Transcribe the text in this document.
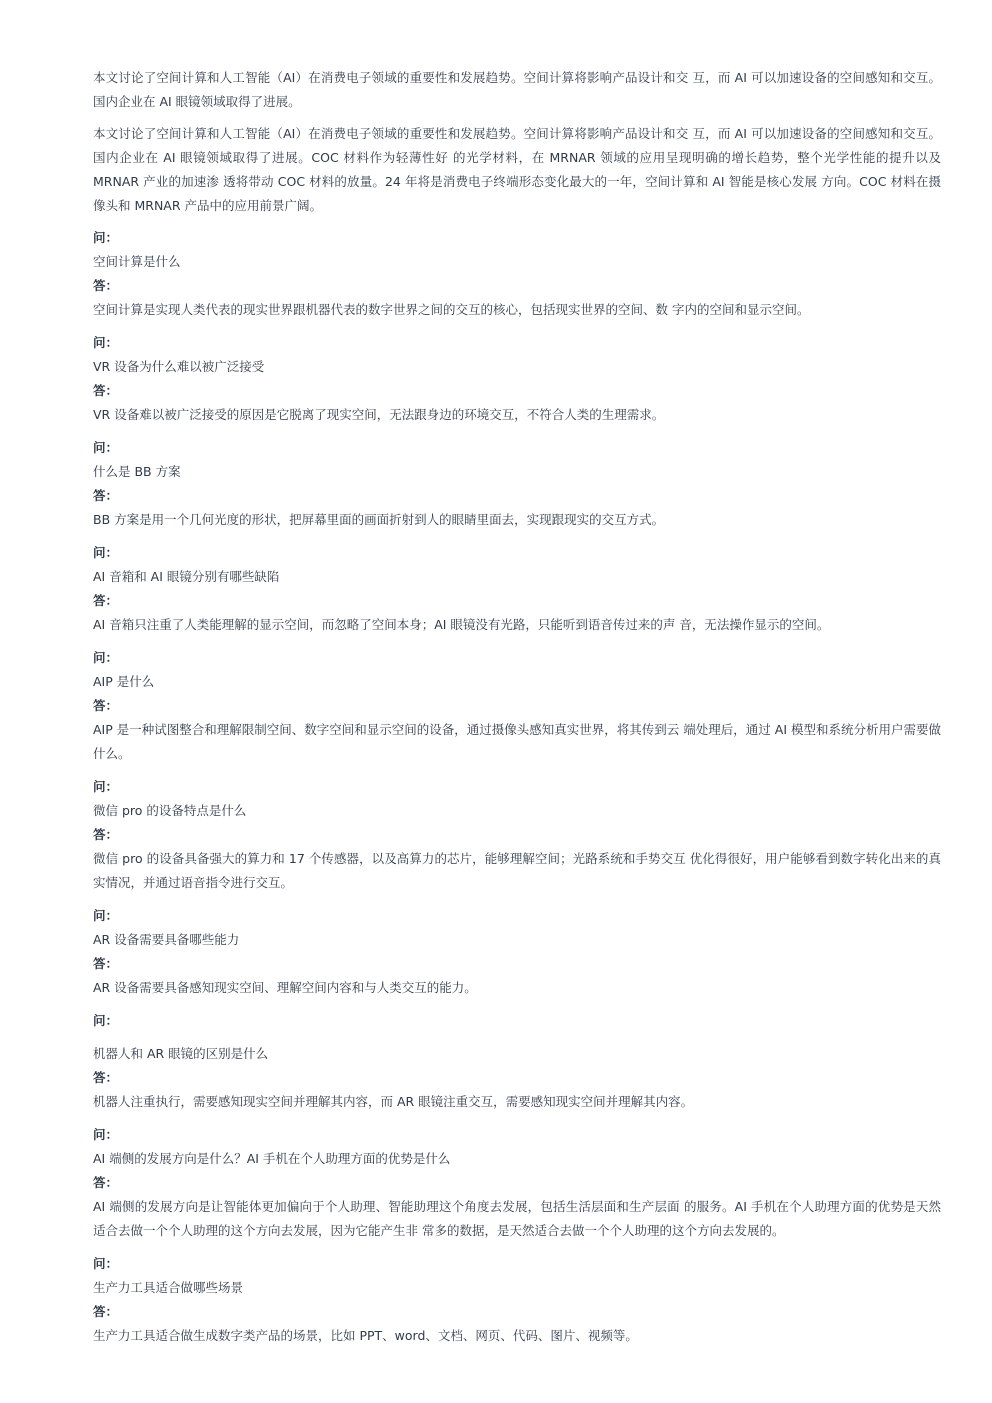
本文讨论了空间计算和人工智能（AI）在消费电子领域的重要性和发展趋势。空间计算将影响产品设计和交 互，而 AI 可以加速设备的空间感知和交互。国内企业在 AI 眼镜领域取得了进展。

本文讨论了空间计算和人工智能（AI）在消费电子领域的重要性和发展趋势。空间计算将影响产品设计和交 互，而 AI 可以加速设备的空间感知和交互。国内企业在 AI 眼镜领域取得了进展。COC 材料作为轻薄性好 的光学材料，在 MRNAR 领域的应用呈现明确的增长趋势，整个光学性能的提升以及 MRNAR 产业的加速渗 透将带动 COC 材料的放量。24 年将是消费电子终端形态变化最大的一年，空间计算和 AI 智能是核心发展 方向。COC 材料在摄像头和 MRNAR 产品中的应用前景广阔。

问：
空间计算是什么
答：
空间计算是实现人类代表的现实世界跟机器代表的数字世界之间的交互的核心，包括现实世界的空间、数 字内的空间和显示空间。
问：
VR 设备为什么难以被广泛接受
答：
VR 设备难以被广泛接受的原因是它脱离了现实空间，无法跟身边的环境交互，不符合人类的生理需求。
问：
什么是 BB 方案
答：
BB 方案是用一个几何光度的形状，把屏幕里面的画面折射到人的眼睛里面去，实现跟现实的交互方式。
问：
AI 音箱和 AI 眼镜分别有哪些缺陷
答：
AI 音箱只注重了人类能理解的显示空间，而忽略了空间本身；AI 眼镜没有光路，只能听到语音传过来的声 音，无法操作显示的空间。
问：
AIP 是什么
答：
AIP 是一种试图整合和理解限制空间、数字空间和显示空间的设备，通过摄像头感知真实世界，将其传到云 端处理后，通过 AI 模型和系统分析用户需要做什么。
问：
微信 pro 的设备特点是什么
答：
微信 pro 的设备具备强大的算力和 17 个传感器，以及高算力的芯片，能够理解空间；光路系统和手势交互 优化得很好，用户能够看到数字转化出来的真实情况，并通过语音指令进行交互。
问：
AR 设备需要具备哪些能力
答：
AR 设备需要具备感知现实空间、理解空间内容和与人类交互的能力。
问：
机器人和 AR 眼镜的区别是什么
答：
机器人注重执行，需要感知现实空间并理解其内容，而 AR 眼镜注重交互，需要感知现实空间并理解其内容。
问：
AI 端侧的发展方向是什么？AI 手机在个人助理方面的优势是什么
答：
AI 端侧的发展方向是让智能体更加偏向于个人助理、智能助理这个角度去发展，包括生活层面和生产层面 的服务。AI 手机在个人助理方面的优势是天然适合去做一个个人助理的这个方向去发展，因为它能产生非 常多的数据，是天然适合去做一个个人助理的这个方向去发展的。
问：
生产力工具适合做哪些场景
答：
生产力工具适合做生成数字类产品的场景，比如 PPT、word、文档、网页、代码、图片、视频等。
